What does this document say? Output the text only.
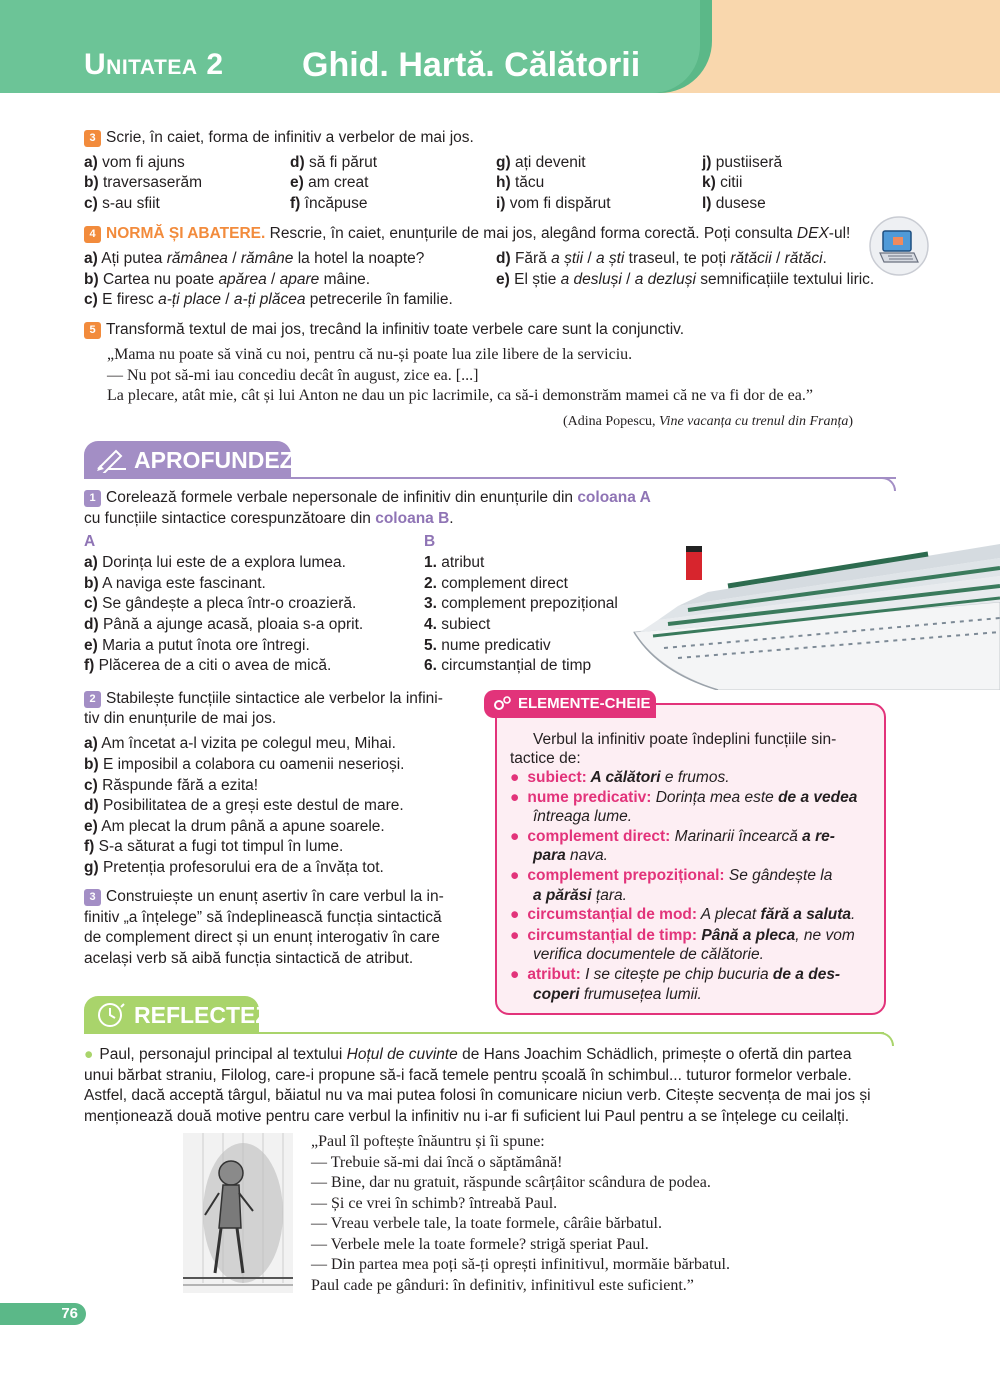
Unitatea 2 Ghid. Hartă. Călătorii
3 Scrie, în caiet, forma de infinitiv a verbelor de mai jos.
a) vom fi ajuns
b) traversaserăm
c) s-au sfiit
d) să fi părut
e) am creat
f) încăpuse
g) ați devenit
h) tăcu
i) vom fi dispărut
j) pustiiseră
k) citii
l) dusese
4 NORMĂ ȘI ABATERE. Rescrie, în caiet, enunțurile de mai jos, alegând forma corectă. Poți consulta DEX-ul!
a) Ați putea rămânea / rămâne la hotel la noapte?
b) Cartea nu poate apărea / apare mâine.
c) E firesc a-ți place / a-ți plăcea petrecerile în familie.
d) Fără a știi / a ști traseul, te poți rătăcii / rătăci.
e) El știe a desluși / a dezluși semnificațiile textului liric.
5 Transformă textul de mai jos, trecând la infinitiv toate verbele care sunt la conjunctiv.
„Mama nu poate să vină cu noi, pentru că nu-și poate lua zile libere de la serviciu.
— Nu pot să-mi iau concediu decât în august, zice ea. [...]
La plecare, atât mie, cât și lui Anton ne dau un pic lacrimile, ca să-i demonstrăm mamei că ne va fi dor de ea.”
(Adina Popescu, Vine vacanța cu trenul din Franța)
APROFUNDEZ
1 Corelează formele verbale nepersonale de infinitiv din enunțurile din coloana A
cu funcțiile sintactice corespunzătoare din coloana B.
A	B
a) Dorința lui este de a explora lumea.
b) A naviga este fascinant.
c) Se gândește a pleca într-o croazieră.
d) Până a ajunge acasă, ploaia s-a oprit.
e) Maria a putut înota ore întregi.
f) Plăcerea de a citi o avea de mică.
1. atribut
2. complement direct
3. complement prepozițional
4. subiect
5. nume predicativ
6. circumstanțial de timp
2 Stabilește funcțiile sintactice ale verbelor la infini-
tiv din enunțurile de mai jos.
a) Am încetat a-l vizita pe colegul meu, Mihai.
b) E imposibil a colabora cu oamenii neserioși.
c) Răspunde fără a ezita!
d) Posibilitatea de a greși este destul de mare.
e) Am plecat la drum până a apune soarele.
f) S-a săturat a fugi tot timpul în lume.
g) Pretenția profesorului era de a învăța tot.
3 Construiește un enunț asertiv în care verbul la in-
finitiv „a înțelege” să îndeplinească funcția sintactică
de complement direct și un enunț interogativ în care
același verb să aibă funcția sintactică de atribut.
ELEMENTE-CHEIE
Verbul la infinitiv poate îndeplini funcțiile sin-
tactice de:
● subiect: A călători e frumos.
● nume predicativ: Dorința mea este de a vedea
întreaga lume.
● complement direct: Marinarii încearcă a re-
para nava.
● complement prepozițional: Se gândește la
a părăsi țara.
● circumstanțial de mod: A plecat fără a saluta.
● circumstanțial de timp: Până a pleca, ne vom
verifica documentele de călătorie.
● atribut: I se citește pe chip bucuria de a des-
coperi frumusețea lumii.
REFLECTEZ
● Paul, personajul principal al textului Hoțul de cuvinte de Hans Joachim Schädlich, primește o ofertă din partea
unui bărbat straniu, Filolog, care-i propune să-i facă temele pentru școală în schimbul... tuturor formelor verbale.
Astfel, dacă acceptă târgul, băiatul nu va mai putea folosi în comunicare niciun verb. Citește secvența de mai jos și
menționează două motive pentru care verbul la infinitiv nu i-ar fi suficient lui Paul pentru a se înțelege cu ceilalți.
„Paul îl poftește înăuntru și îi spune:
— Trebuie să-mi dai încă o săptămână!
— Bine, dar nu gratuit, răspunde scârțâitor scândura de podea.
— Și ce vrei în schimb? întreabă Paul.
— Vreau verbele tale, la toate formele, cârâie bărbatul.
— Verbele mele la toate formele? strigă speriat Paul.
— Din partea mea poți să-ți oprești infinitivul, mormăie bărbatul.
Paul cade pe gânduri: în definitiv, infinitivul este suficient.”
76
